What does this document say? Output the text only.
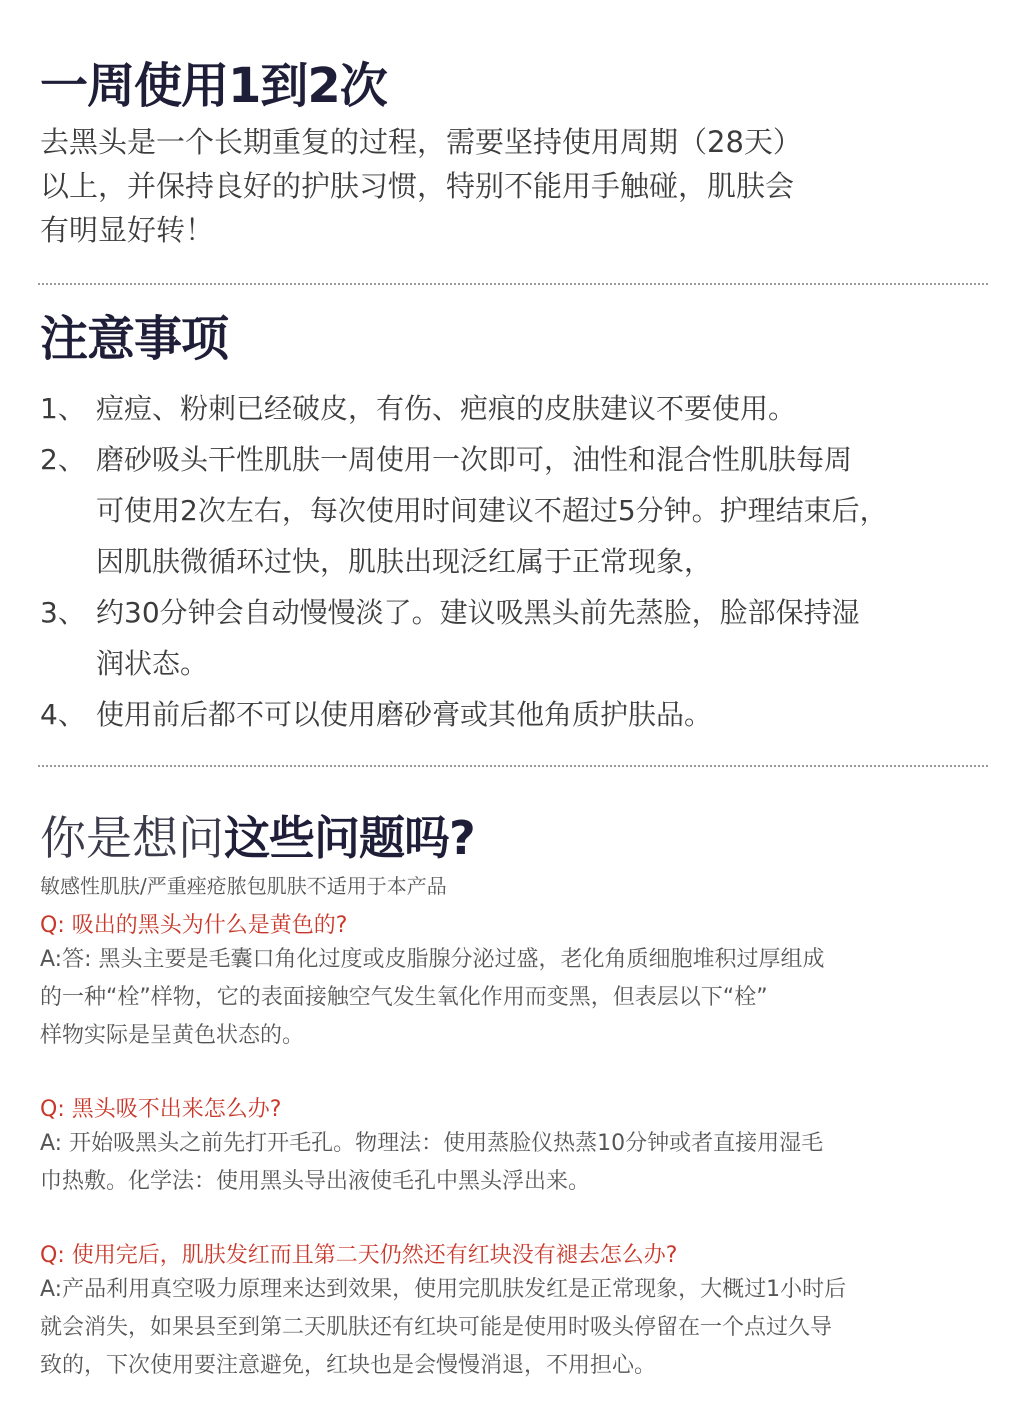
一周使用1到2次
去黑头是一个长期重复的过程，需要坚持使用周期（28天）
以上，并保持良好的护肤习惯，特别不能用手触碰，肌肤会
有明显好转！
注意事项
1、 痘痘、粉刺已经破皮，有伤、疤痕的皮肤建议不要使用。
2、 磨砂吸头干性肌肤一周使用一次即可，油性和混合性肌肤每周
可使用2次左右，每次使用时间建议不超过5分钟。护理结束后，
因肌肤微循环过快，肌肤出现泛红属于正常现象，
3、 约30分钟会自动慢慢淡了。建议吸黑头前先蒸脸，脸部保持湿
润状态。
4、 使用前后都不可以使用磨砂膏或其他角质护肤品。
你是想问这些问题吗?
敏感性肌肤/严重痤疮脓包肌肤不适用于本产品
Q: 吸出的黑头为什么是黄色的?
A:答: 黑头主要是毛囊口角化过度或皮脂腺分泌过盛，老化角质细胞堆积过厚组成
的一种“栓”样物，它的表面接触空气发生氧化作用而变黑，但表层以下“栓”
样物实际是呈黄色状态的。
Q: 黑头吸不出来怎么办?
A: 开始吸黑头之前先打开毛孔。物理法：使用蒸脸仪热蒸10分钟或者直接用湿毛
巾热敷。化学法：使用黑头导出液使毛孔中黑头浮出来。
Q: 使用完后，肌肤发红而且第二天仍然还有红块没有褪去怎么办?
A:产品利用真空吸力原理来达到效果，使用完肌肤发红是正常现象，大概过1小时后
就会消失，如果县至到第二天肌肤还有红块可能是使用时吸头停留在一个点过久导
致的，下次使用要注意避免，红块也是会慢慢消退，不用担心。
